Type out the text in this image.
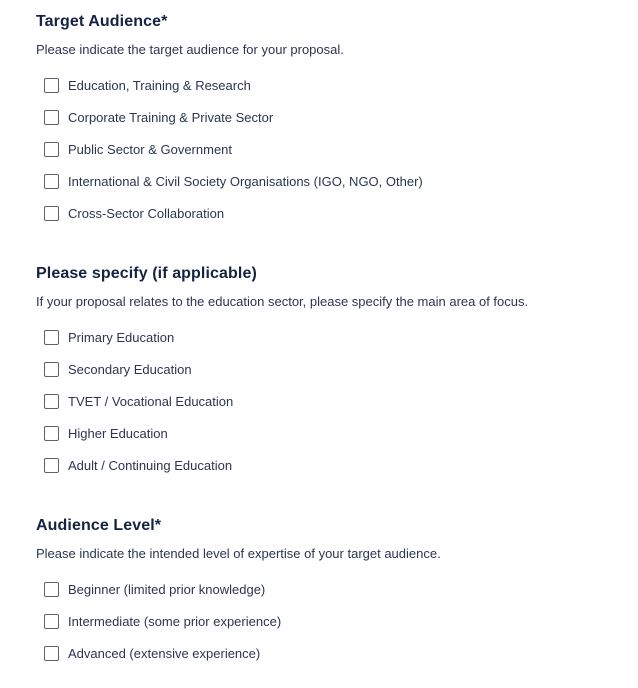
Target Audience*
Please indicate the target audience for your proposal.
Education, Training & Research
Corporate Training & Private Sector
Public Sector & Government
International & Civil Society Organisations (IGO, NGO, Other)
Cross-Sector Collaboration
Please specify (if applicable)
If your proposal relates to the education sector, please specify the main area of focus.
Primary Education
Secondary Education
TVET / Vocational Education
Higher Education
Adult / Continuing Education
Audience Level*
Please indicate the intended level of expertise of your target audience.
Beginner (limited prior knowledge)
Intermediate (some prior experience)
Advanced (extensive experience)
